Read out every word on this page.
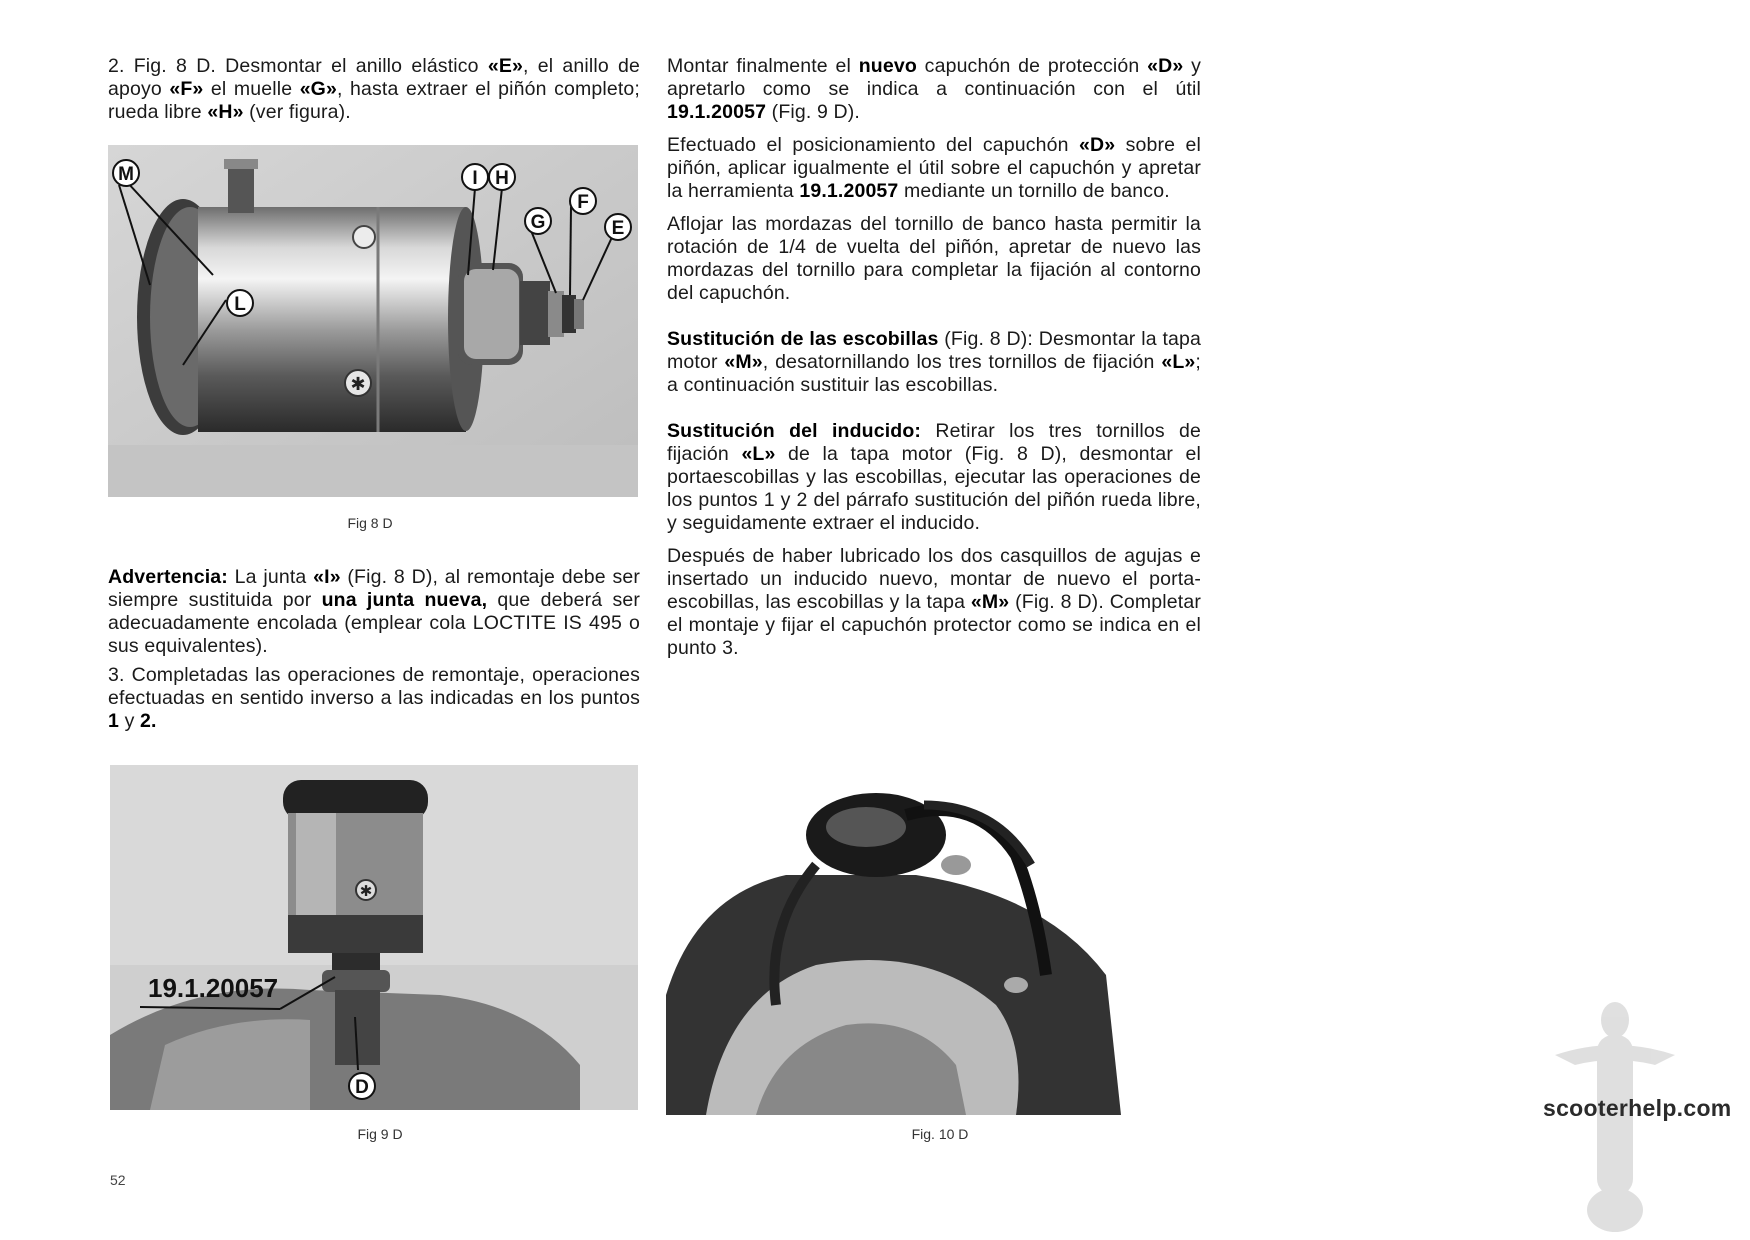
2. Fig. 8 D. Desmontar el anillo elástico «E», el anillo de apoyo «F» el muelle «G», hasta extraer el piñón completo; rueda libre «H» (ver figura).

✱
M
L
I H
G
F
E
Fig 8 D

Advertencia: La junta «I» (Fig. 8 D), al remontaje debe ser siempre sustituida por una junta nueva, que deberá ser adecuadamente encolada (emplear cola LOCTITE IS 495 o sus equivalentes).

3. Completadas las operaciones de remontaje, operaciones efectuadas en sentido inverso a las indicadas en los puntos 1 y 2.

✱
19.1.20057
D
Fig 9 D

Montar finalmente el nuevo capuchón de protección «D» y apretarlo como se indica a continuación con el útil 19.1.20057 (Fig. 9 D).

Efectuado el posicionamiento del capuchón «D» sobre el piñón, aplicar igualmente el útil sobre el capuchón y apretar la herramienta 19.1.20057 mediante un tornillo de banco.

Aflojar las mordazas del tornillo de banco hasta permitir la rotación de 1/4 de vuelta del piñón, apretar de nuevo las mordazas del tornillo para completar la fijación al contorno del capuchón.

Sustitución de las escobillas (Fig. 8 D): Desmontar la tapa motor «M», desatornillando los tres tornillos de fijación «L»; a continuación sustituir las escobillas.

Sustitución del inducido: Retirar los tres tornillos de fijación «L» de la tapa motor (Fig. 8 D), desmontar el portaescobillas y las escobillas, ejecutar las operaciones de los puntos 1 y 2 del párrafo sustitución del piñón rueda libre, y seguidamente extraer el inducido.

Después de haber lubricado los dos casquillos de agujas e insertado un inducido nuevo, montar de nuevo el porta-escobillas, las escobillas y la tapa «M» (Fig. 8 D). Completar el montaje y fijar el capuchón protector como se indica en el punto 3.

Fig. 10 D
52
scooterhelp.com
